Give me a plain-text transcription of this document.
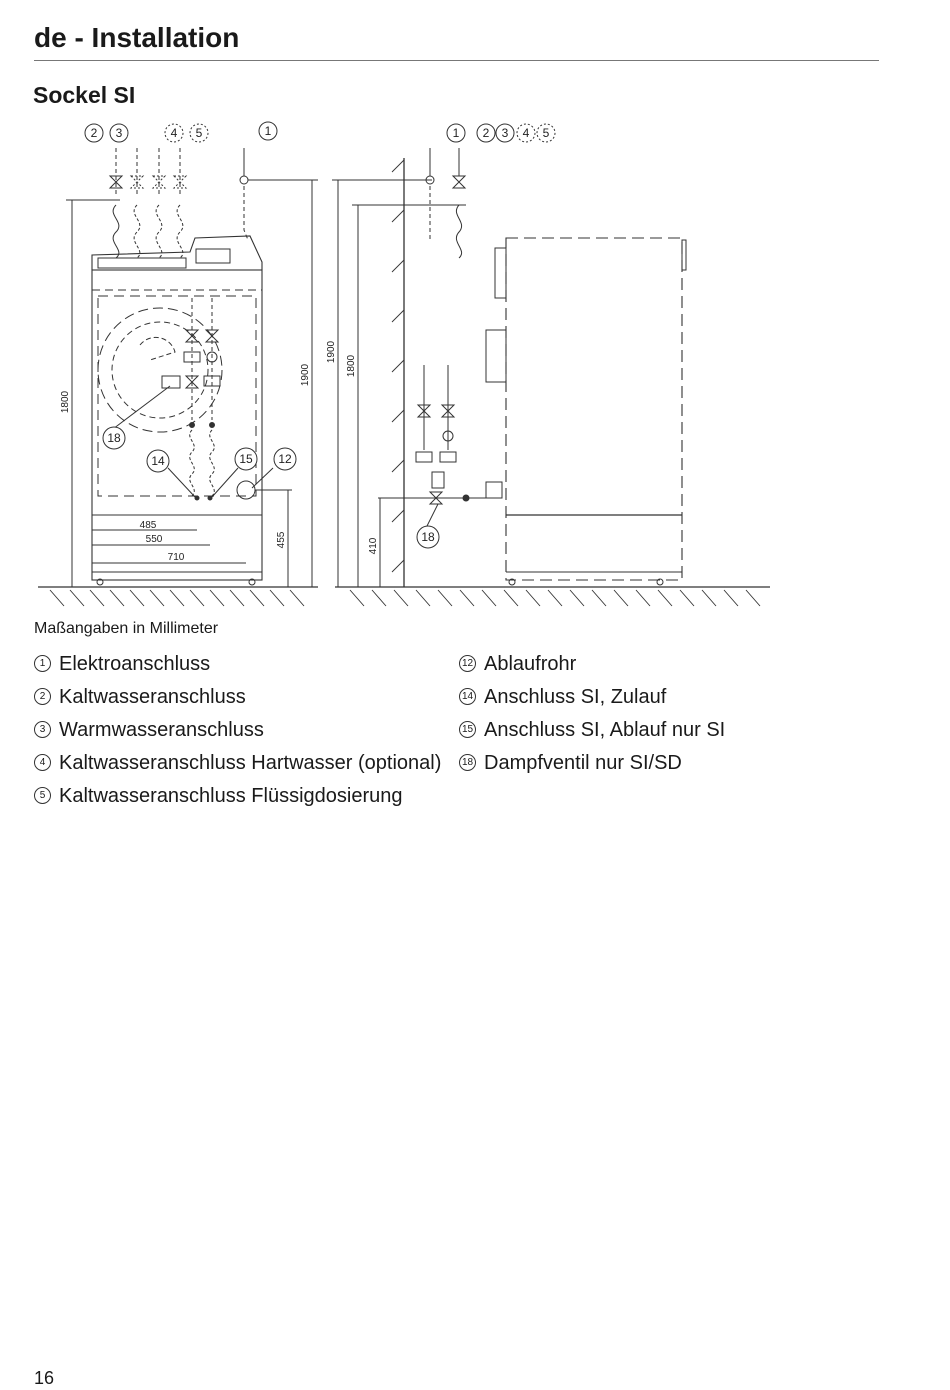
de - Installation
Sockel SI
2 3	4 5	1
18
14	15 12
1 2 3 4 5
18
1800
1900
455
485
550
710
1900
1800
410
Maßangaben in Millimeter
1 Elektroanschluss
2 Kaltwasseranschluss
3 Warmwasseranschluss
4 Kaltwasseranschluss Hartwasser (optional)
5 Kaltwasseranschluss Flüssigdosierung
12 Ablaufrohr
14 Anschluss SI, Zulauf
15 Anschluss SI, Ablauf nur SI
18 Dampfventil nur SI/SD
16
